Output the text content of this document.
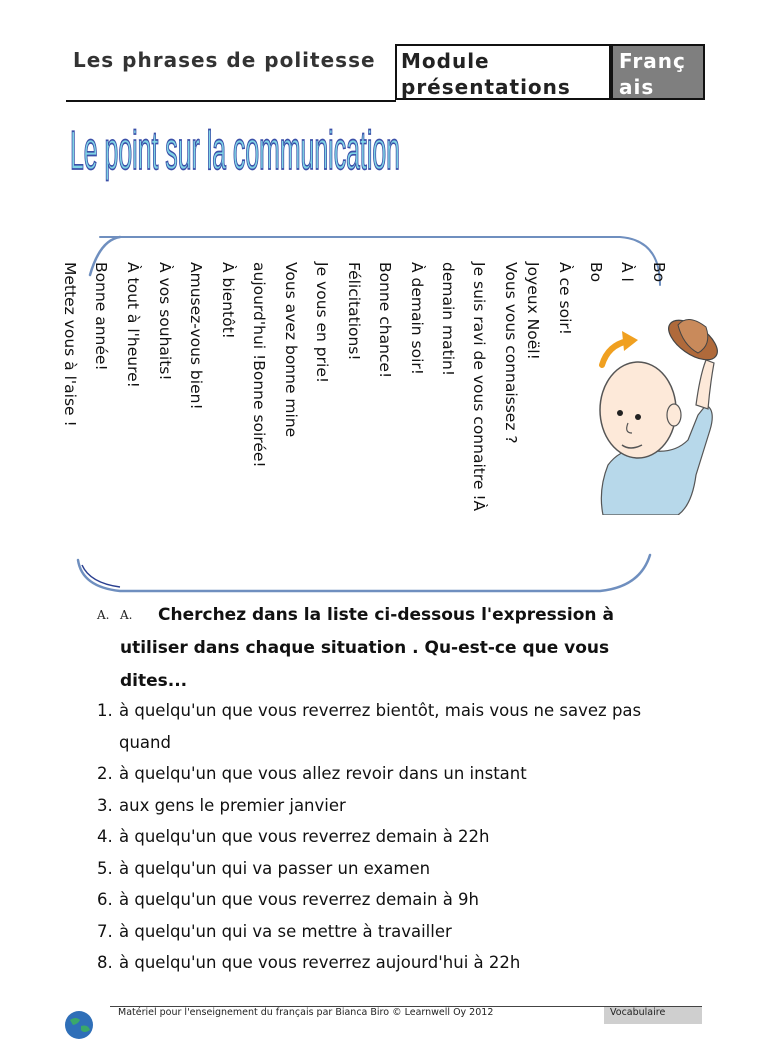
Les phrases de politesse Module
présentations
Franç
ais
Le point sur la communication
Bo
À l
Bo
À ce soir!
Joyeux Noël!
Vous vous connaissez ?
Je suis ravi de vous connaitre !À
demain matin!
À demain soir!
Bonne chance!
Félicitations!
Je vous en prie!
Vous avez bonne mine
aujourd'hui !Bonne soirée!
À bientôt!
Amusez-vous bien!
À vos souhaits!
À tout à l'heure!
Bonne année!
Mettez vous à l'aise !
A. A.	Cherchez dans la liste ci-dessous l'expression à
utiliser dans chaque situation . Qu-est-ce que vous
dites...
1. à quelqu'un que vous reverrez bientôt, mais vous ne savez pas
quand
2. à quelqu'un que vous allez revoir dans un instant
3. aux gens le premier janvier
4. à quelqu'un que vous reverrez demain à 22h
5. à quelqu'un qui va passer un examen
6. à quelqu'un que vous reverrez demain à 9h
7. à quelqu'un qui va se mettre à travailler
8. à quelqu'un que vous reverrez aujourd'hui à 22h
Matériel pour l'enseignement du français par Bianca Biro © Learnwell Oy 2012	Vocabulaire
